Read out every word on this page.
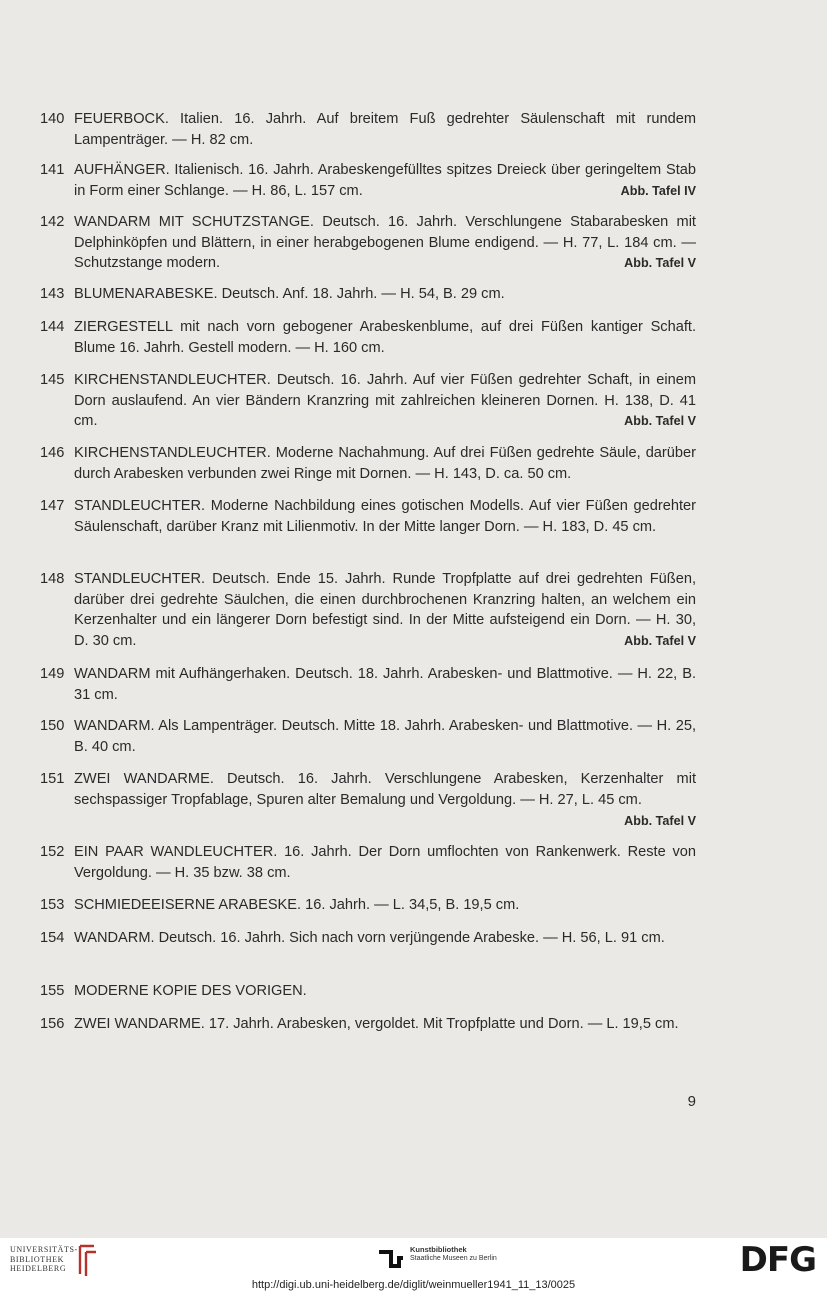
140 FEUERBOCK. Italien. 16. Jahrh. Auf breitem Fuß gedrehter Säulenschaft mit rundem Lampenträger. — H. 82 cm.
141 AUFHÄNGER. Italienisch. 16. Jahrh. Arabeskengefülltes spitzes Dreieck über geringeltem Stab in Form einer Schlange. — H. 86, L. 157 cm.	Abb. Tafel IV
142 WANDARM MIT SCHUTZSTANGE. Deutsch. 16. Jahrh. Verschlungene Stabarabesken mit Delphinköpfen und Blättern, in einer herabgebogenen Blume endigend. — H. 77, L. 184 cm. — Schutzstange modern.	Abb. Tafel V
143 BLUMENARABESKE. Deutsch. Anf. 18. Jahrh. — H. 54, B. 29 cm.
144 ZIERGESTELL mit nach vorn gebogener Arabeskenblume, auf drei Füßen kantiger Schaft. Blume 16. Jahrh. Gestell modern. — H. 160 cm.
145 KIRCHENSTANDLEUCHTER. Deutsch. 16. Jahrh. Auf vier Füßen gedrehter Schaft, in einem Dorn auslaufend. An vier Bändern Kranzring mit zahlreichen kleineren Dornen. H. 138, D. 41 cm.	Abb. Tafel V
146 KIRCHENSTANDLEUCHTER. Moderne Nachahmung. Auf drei Füßen gedrehte Säule, darüber durch Arabesken verbunden zwei Ringe mit Dornen. — H. 143, D. ca. 50 cm.
147 STANDLEUCHTER. Moderne Nachbildung eines gotischen Modells. Auf vier Füßen gedrehter Säulenschaft, darüber Kranz mit Lilienmotiv. In der Mitte langer Dorn. — H. 183, D. 45 cm.
148 STANDLEUCHTER. Deutsch. Ende 15. Jahrh. Runde Tropfplatte auf drei gedrehten Füßen, darüber drei gedrehte Säulchen, die einen durchbrochenen Kranzring halten, an welchem ein Kerzenhalter und ein längerer Dorn befestigt sind. In der Mitte aufsteigend ein Dorn. — H. 30, D. 30 cm.	Abb. Tafel V
149 WANDARM mit Aufhängerhaken. Deutsch. 18. Jahrh. Arabesken- und Blattmotive. — H. 22, B. 31 cm.
150 WANDARM. Als Lampenträger. Deutsch. Mitte 18. Jahrh. Arabesken- und Blattmotive. — H. 25, B. 40 cm.
151 ZWEI WANDARME. Deutsch. 16. Jahrh. Verschlungene Arabesken, Kerzenhalter mit sechspassiger Tropfablage, Spuren alter Bemalung und Vergoldung. — H. 27, L. 45 cm.
Abb. Tafel V
152 EIN PAAR WANDLEUCHTER. 16. Jahrh. Der Dorn umflochten von Rankenwerk. Reste von Vergoldung. — H. 35 bzw. 38 cm.
153 SCHMIEDEEISERNE ARABESKE. 16. Jahrh. — L. 34,5, B. 19,5 cm.
154 WANDARM. Deutsch. 16. Jahrh. Sich nach vorn verjüngende Arabeske. — H. 56, L. 91 cm.
155 MODERNE KOPIE DES VORIGEN.
156 ZWEI WANDARME. 17. Jahrh. Arabesken, vergoldet. Mit Tropfplatte und Dorn. — L. 19,5 cm.
9
UNIVERSITÄTS-
BIBLIOTHEK
HEIDELBERG
Kunstbibliothek
Staatliche Museen zu Berlin	DFG
http://digi.ub.uni-heidelberg.de/diglit/weinmueller1941_11_13/0025
